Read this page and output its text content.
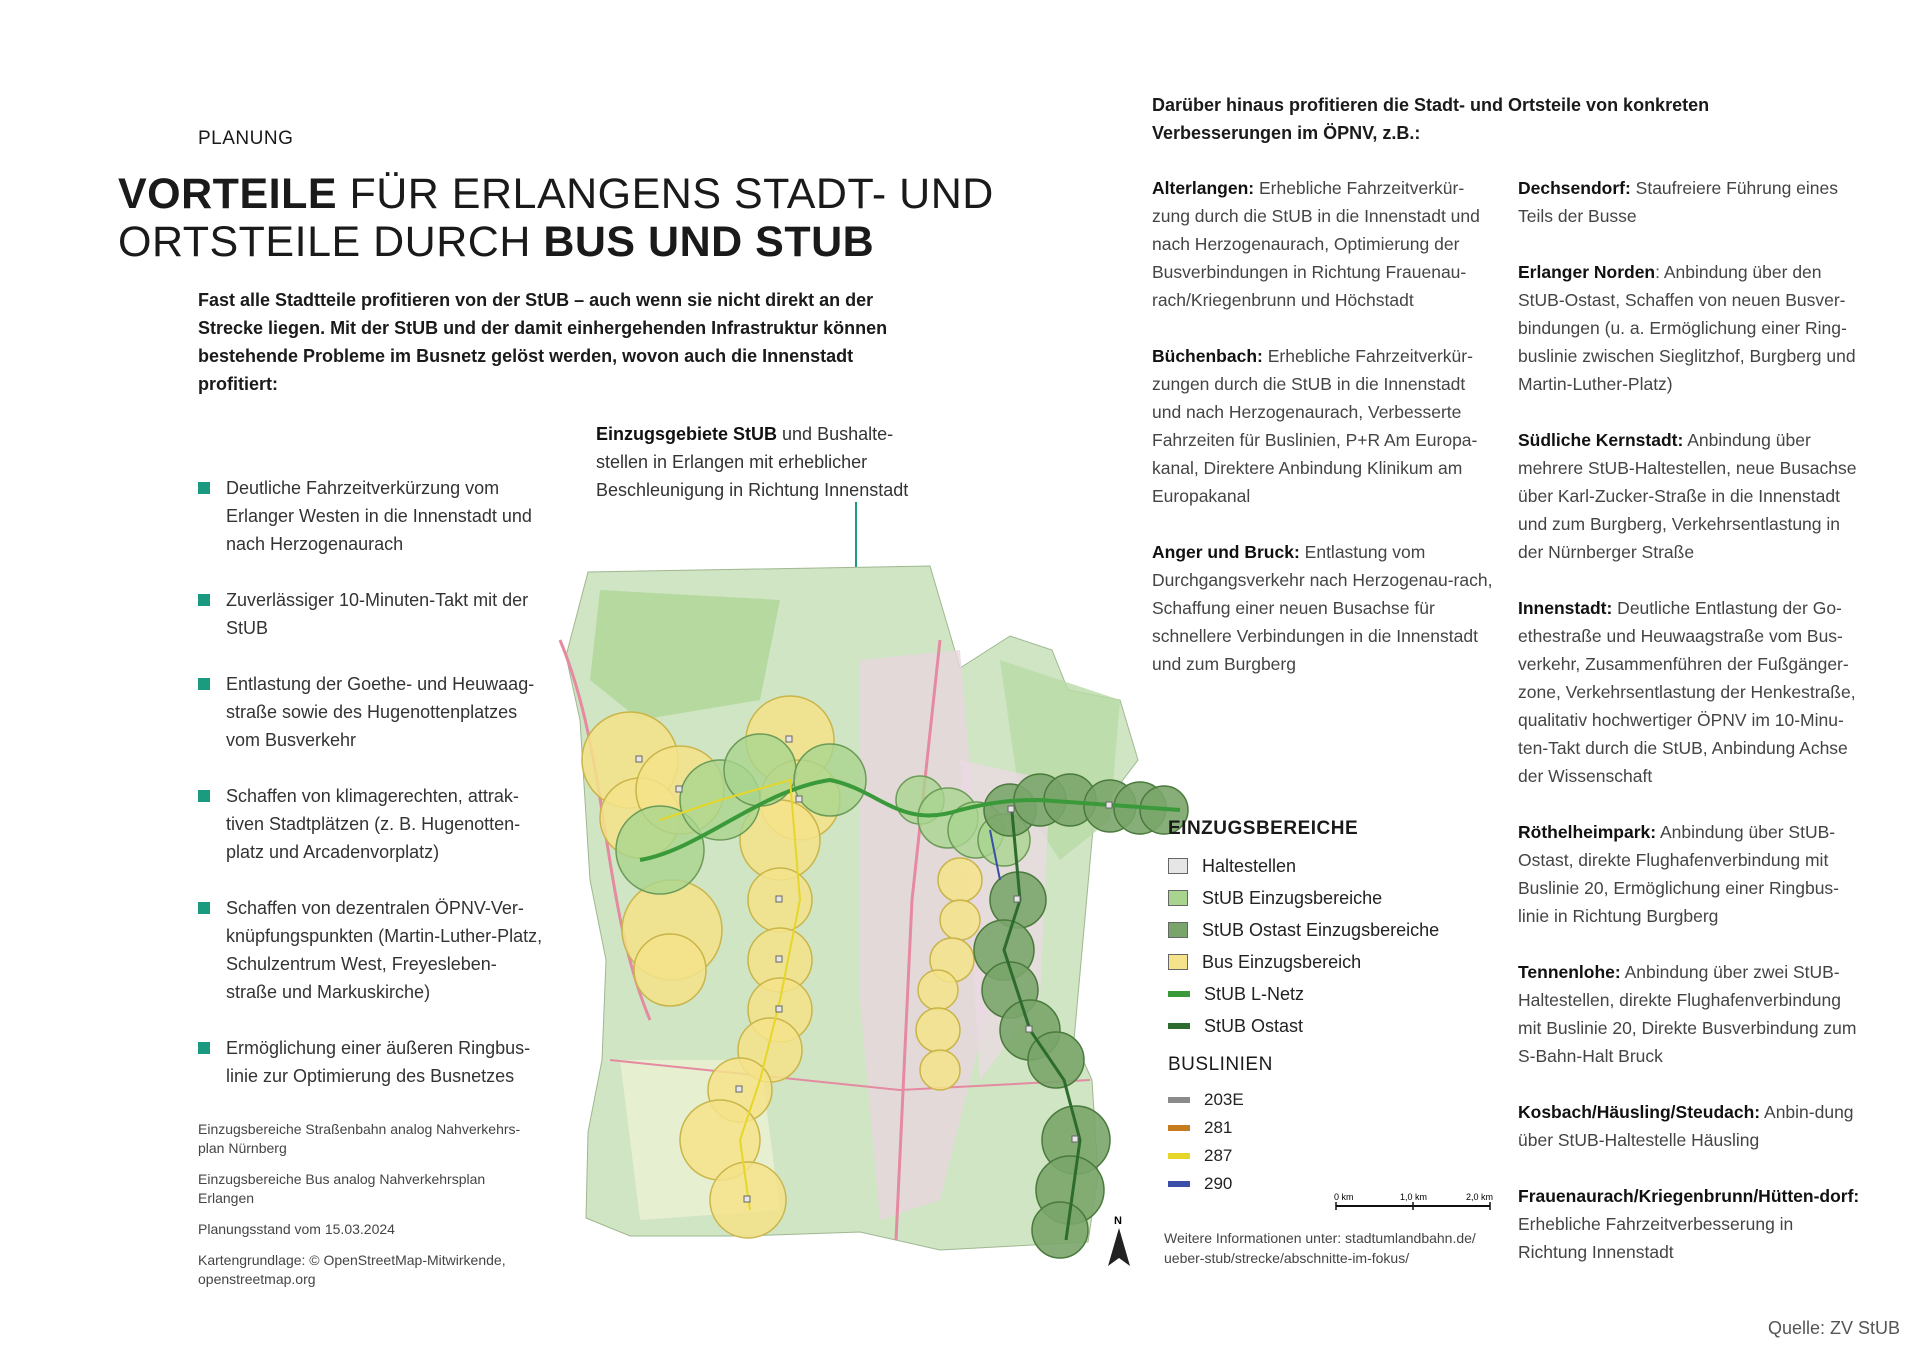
PLANUNG
VORTEILE FÜR ERLANGENS STADT- UND
ORTSTEILE DURCH BUS UND STUB
Fast alle Stadtteile profitieren von der StUB – auch wenn sie nicht direkt an der Strecke liegen. Mit der StUB und der damit einhergehenden Infrastruktur können bestehende Probleme im Busnetz gelöst werden, wovon auch die Innenstadt profitiert:
Deutliche Fahrzeitverkürzung vom Erlanger Westen in die Innenstadt und nach Herzogenaurach
Zuverlässiger 10-Minuten-Takt mit der StUB
Entlastung der Goethe- und Heuwaag-straße sowie des Hugenottenplatzes vom Busverkehr
Schaffen von klimagerechten, attrak-tiven Stadtplätzen (z. B. Hugenotten-platz und Arcadenvorplatz)
Schaffen von dezentralen ÖPNV-Ver-knüpfungspunkten (Martin-Luther-Platz, Schulzentrum West, Freyesleben-straße und Markuskirche)
Ermöglichung einer äußeren Ringbus-linie zur Optimierung des Busnetzes

Einzugsbereiche Straßenbahn analog Nahverkehrs-plan Nürnberg

Einzugsbereiche Bus analog Nahverkehrsplan Erlangen

Planungsstand vom 15.03.2024

Kartengrundlage: © OpenStreetMap-Mitwirkende, openstreetmap.org

Einzugsgebiete StUB und Bushalte-stellen in Erlangen mit erheblicher Beschleunigung in Richtung Innenstadt
Darüber hinaus profitieren die Stadt- und Ortsteile von konkreten Verbesserungen im ÖPNV, z.B.:

Alterlangen: Erhebliche Fahrzeitverkür-zung durch die StUB in die Innenstadt und nach Herzogenaurach, Optimierung der Busverbindungen in Richtung Frauenau-rach/Kriegenbrunn und Höchstadt

Büchenbach: Erhebliche Fahrzeitverkür-zungen durch die StUB in die Innenstadt und nach Herzogenaurach, Verbesserte Fahrzeiten für Buslinien, P+R Am Europa-kanal, Direktere Anbindung Klinikum am Europakanal

Anger und Bruck: Entlastung vom Durchgangsverkehr nach Herzogenau-rach, Schaffung einer neuen Busachse für schnellere Verbindungen in die Innenstadt und zum Burgberg

Dechsendorf: Staufreiere Führung eines Teils der Busse

Erlanger Norden: Anbindung über den StUB-Ostast, Schaffen von neuen Busver-bindungen (u. a. Ermöglichung einer Ring-buslinie zwischen Sieglitzhof, Burgberg und Martin-Luther-Platz)

Südliche Kernstadt: Anbindung über mehrere StUB-Haltestellen, neue Busachse über Karl-Zucker-Straße in die Innenstadt und zum Burgberg, Verkehrsentlastung in der Nürnberger Straße

Innenstadt: Deutliche Entlastung der Go-ethestraße und Heuwaagstraße vom Bus-verkehr, Zusammenführen der Fußgänger-zone, Verkehrsentlastung der Henkestraße, qualitativ hochwertiger ÖPNV im 10-Minu-ten-Takt durch die StUB, Anbindung Achse der Wissenschaft

Röthelheimpark: Anbindung über StUB-Ostast, direkte Flughafenverbindung mit Buslinie 20, Ermöglichung einer Ringbus-linie in Richtung Burgberg

Tennenlohe: Anbindung über zwei StUB-Haltestellen, direkte Flughafenverbindung mit Buslinie 20, Direkte Busverbindung zum S-Bahn-Halt Bruck

Kosbach/Häusling/Steudach: Anbin-dung über StUB-Haltestelle Häusling

Frauenaurach/Kriegenbrunn/Hütten-dorf: Erhebliche Fahrzeitverbesserung in Richtung Innenstadt

EINZUGSBEREICHE
Haltestellen
StUB Einzugsbereiche
StUB Ostast Einzugsbereiche
Bus Einzugsbereich
StUB L-Netz
StUB Ostast
BUSLINIEN
203E
281
287
290
0 km	1,0 km	2,0 km
N
Weitere Informationen unter: stadtumlandbahn.de/ ueber-stub/strecke/abschnitte-im-fokus/
Quelle: ZV StUB
